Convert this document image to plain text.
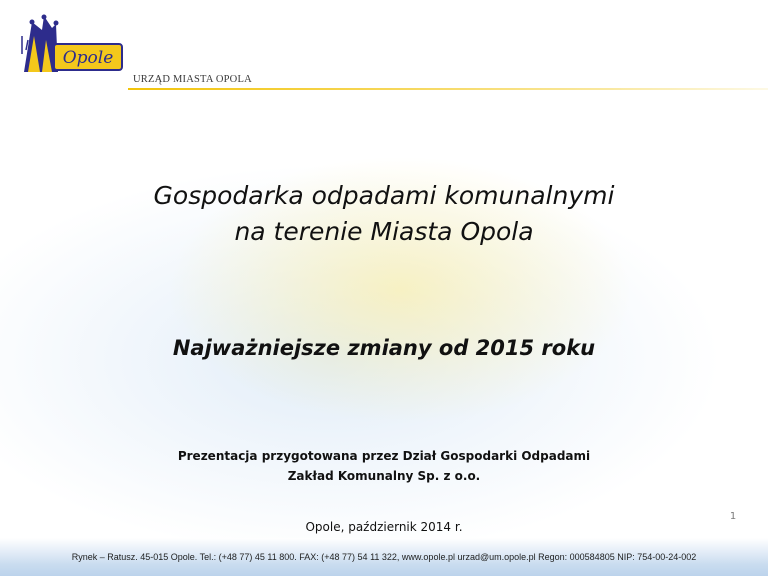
Opole
URZĄD MIASTA OPOLA
Gospodarka odpadami komunalnymi
na terenie Miasta Opola
Najważniejsze zmiany od 2015 roku
Prezentacja przygotowana przez Dział Gospodarki Odpadami
Zakład Komunalny Sp. z o.o.
1
Opole, październik 2014 r.
Rynek – Ratusz. 45-015 Opole. Tel.: (+48 77) 45 11 800. FAX: (+48 77) 54 11 322, www.opole.pl urzad@um.opole.pl Regon: 000584805 NIP: 754-00-24-002
